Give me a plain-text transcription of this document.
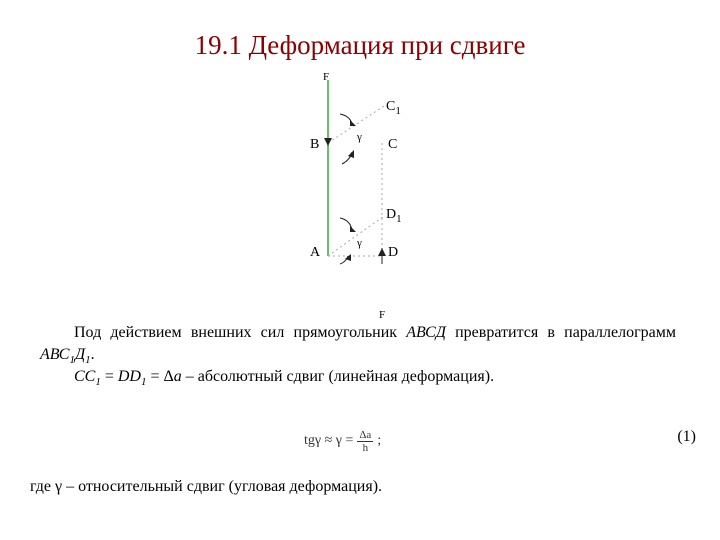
19.1 Деформация при сдвиге
F
B	C
$C_1$
$D_1$
A	D
γ
γ
F
Под действием внешних сил прямоугольник АВСД превратится в параллелограмм $АВС_1Д_1$.
$СС_1 = DD_1 = \Delta а$ – абсолютный сдвиг (линейная деформация).
$tg\gamma \approx \gamma = \frac{\Delta a}{h}$ ;	(1)
где γ – относительный сдвиг (угловая деформация).
